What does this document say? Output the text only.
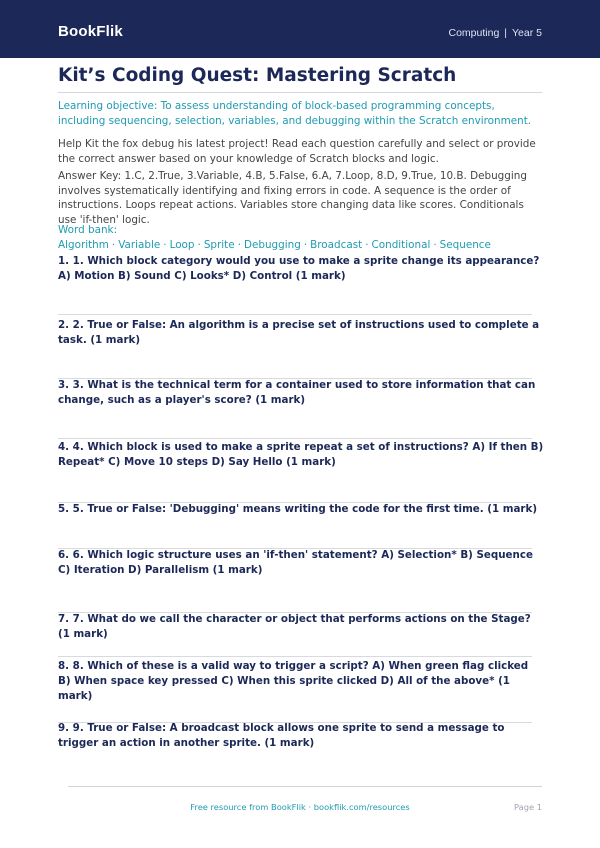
BookFlik	Computing | Year 5
Kit’s Coding Quest: Mastering Scratch
Learning objective: To assess understanding of block-based programming concepts, including sequencing, selection, variables, and debugging within the Scratch environment.
Help Kit the fox debug his latest project! Read each question carefully and select or provide the correct answer based on your knowledge of Scratch blocks and logic.
Answer Key: 1.C, 2.True, 3.Variable, 4.B, 5.False, 6.A, 7.Loop, 8.D, 9.True, 10.B. Debugging involves systematically identifying and fixing errors in code. A sequence is the order of instructions. Loops repeat actions. Variables store changing data like scores. Conditionals use 'if-then' logic.
Word bank: Algorithm · Variable · Loop · Sprite · Debugging · Broadcast · Conditional · Sequence
1. 1. Which block category would you use to make a sprite change its appearance? A) Motion B) Sound C) Looks* D) Control (1 mark)
2. 2. True or False: An algorithm is a precise set of instructions used to complete a task. (1 mark)
3. 3. What is the technical term for a container used to store information that can change, such as a player's score? (1 mark)
4. 4. Which block is used to make a sprite repeat a set of instructions? A) If then B) Repeat* C) Move 10 steps D) Say Hello (1 mark)
5. 5. True or False: 'Debugging' means writing the code for the first time. (1 mark)
6. 6. Which logic structure uses an 'if-then' statement? A) Selection* B) Sequence C) Iteration D) Parallelism (1 mark)
7. 7. What do we call the character or object that performs actions on the Stage? (1 mark)
8. 8. Which of these is a valid way to trigger a script? A) When green flag clicked B) When space key pressed C) When this sprite clicked D) All of the above* (1 mark)
9. 9. True or False: A broadcast block allows one sprite to send a message to trigger an action in another sprite. (1 mark)
Free resource from BookFlik · bookflik.com/resources	Page 1
